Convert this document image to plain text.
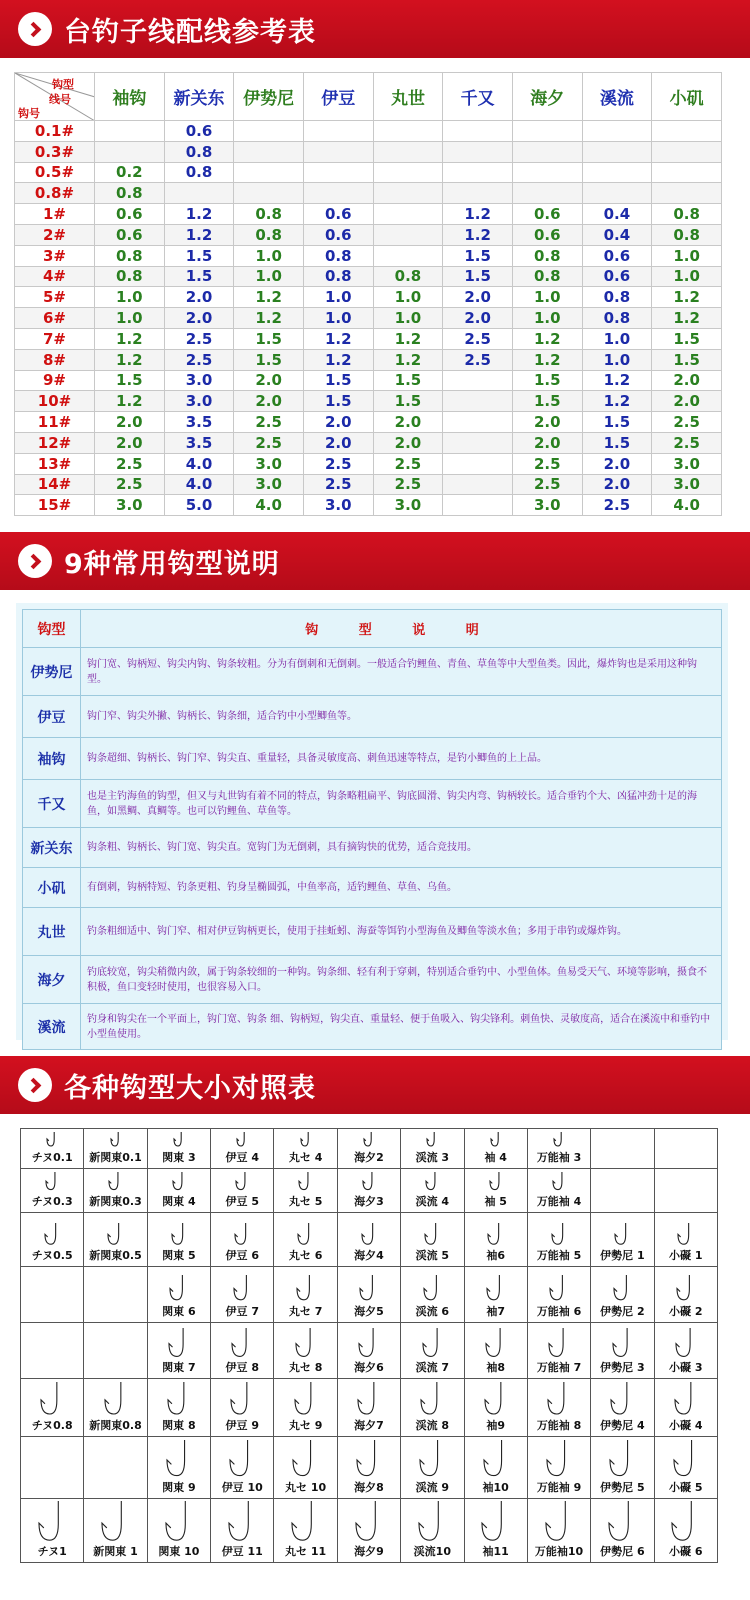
台钓子线配线参考表
钩型
线号
钩号	袖钩	新关东	伊势尼	伊豆	丸世	千又	海夕	溪流	小矶
0.1#		0.6							
0.3#		0.8							
0.5#	0.2	0.8							
0.8#	0.8								
1#	0.6	1.2	0.8	0.6		1.2	0.6	0.4	0.8
2#	0.6	1.2	0.8	0.6		1.2	0.6	0.4	0.8
3#	0.8	1.5	1.0	0.8		1.5	0.8	0.6	1.0
4#	0.8	1.5	1.0	0.8	0.8	1.5	0.8	0.6	1.0
5#	1.0	2.0	1.2	1.0	1.0	2.0	1.0	0.8	1.2
6#	1.0	2.0	1.2	1.0	1.0	2.0	1.0	0.8	1.2
7#	1.2	2.5	1.5	1.2	1.2	2.5	1.2	1.0	1.5
8#	1.2	2.5	1.5	1.2	1.2	2.5	1.2	1.0	1.5
9#	1.5	3.0	2.0	1.5	1.5		1.5	1.2	2.0
10#	1.2	3.0	2.0	1.5	1.5		1.5	1.2	2.0
11#	2.0	3.5	2.5	2.0	2.0		2.0	1.5	2.5
12#	2.0	3.5	2.5	2.0	2.0		2.0	1.5	2.5
13#	2.5	4.0	3.0	2.5	2.5		2.5	2.0	3.0
14#	2.5	4.0	3.0	2.5	2.5		2.5	2.0	3.0
15#	3.0	5.0	4.0	3.0	3.0		3.0	2.5	4.0
9种常用钩型说明
钩型	钩 型 说 明
伊势尼	钩门宽、钩柄短、钩尖内钩、钩条较粗。分为有倒刺和无倒刺。一般适合钓鲤鱼、青鱼、草鱼等中大型鱼类。因此，爆炸钩也是采用这种钩型。
伊豆	钩门窄、钩尖外撇、钩柄长、钩条细，适合钓中小型鲫鱼等。
袖钩	钩条超细、钩柄长、钩门窄、钩尖直、重量轻，具备灵敏度高、刺鱼迅速等特点，是钓小鲫鱼的上上品。
千又	也是主钓海鱼的钩型，但又与丸世钩有着不同的特点，钩条略粗扁平、钩底圆滑、钩尖内弯、钩柄较长。适合垂钓个大、凶猛冲劲十足的海鱼，如黑鲷、真鲷等。也可以钓鲤鱼、草鱼等。
新关东	钩条粗、钩柄长、钩门宽、钩尖直。宽钩门为无倒刺，具有摘钩快的优势，适合竞技用。
小矶	有倒刺，钩柄特短、钓条更粗、钓身呈椭圆弧，中鱼率高，适钓鲤鱼、草鱼、乌鱼。
丸世	钓条粗细适中、钩门窄、相对伊豆钩柄更长，使用于挂蚯蚓、海蚕等饵钓小型海鱼及鲫鱼等淡水鱼；多用于串钓或爆炸钩。
海夕	钓底较宽，钩尖稍微内敛，属于钩条较细的一种钩。钩条细、轻有利于穿刺，特别适合垂钓中、小型鱼体。鱼易受天气、环境等影响，摄食不积极，鱼口变轻时使用，也很容易入口。
溪流	钓身和钩尖在一个平面上，钩门宽、钩条 细、钩柄短，钩尖直、重量轻、便于鱼吸入、钩尖锋利。刺鱼快、灵敏度高，适合在溪流中和垂钓中小型鱼使用。
各种钩型大小对照表
チヌ0.1	新関東0.1	関東 3	伊豆 4	丸セ 4	海夕2	渓流 3	袖 4	万能袖 3		

チヌ0.3	新関東0.3	関東 4	伊豆 5	丸セ 5	海夕3	渓流 4	袖 5	万能袖 4		

チヌ0.5	新関東0.5	関東 5	伊豆 6	丸セ 6	海夕4	渓流 5	袖6	万能袖 5	伊勢尼 1	小礙 1

		関東 6	伊豆 7	丸セ 7	海夕5	渓流 6	袖7	万能袖 6	伊勢尼 2	小礙 2

		関東 7	伊豆 8	丸セ 8	海夕6	渓流 7	袖8	万能袖 7	伊勢尼 3	小礙 3

チヌ0.8	新関東0.8	関東 8	伊豆 9	丸セ 9	海夕7	渓流 8	袖9	万能袖 8	伊勢尼 4	小礙 4

		関東 9	伊豆 10	丸セ 10	海夕8	渓流 9	袖10	万能袖 9	伊勢尼 5	小礙 5

チヌ1	新関東 1	関東 10	伊豆 11	丸セ 11	海夕9	渓流10	袖11	万能袖10	伊勢尼 6	小礙 6
